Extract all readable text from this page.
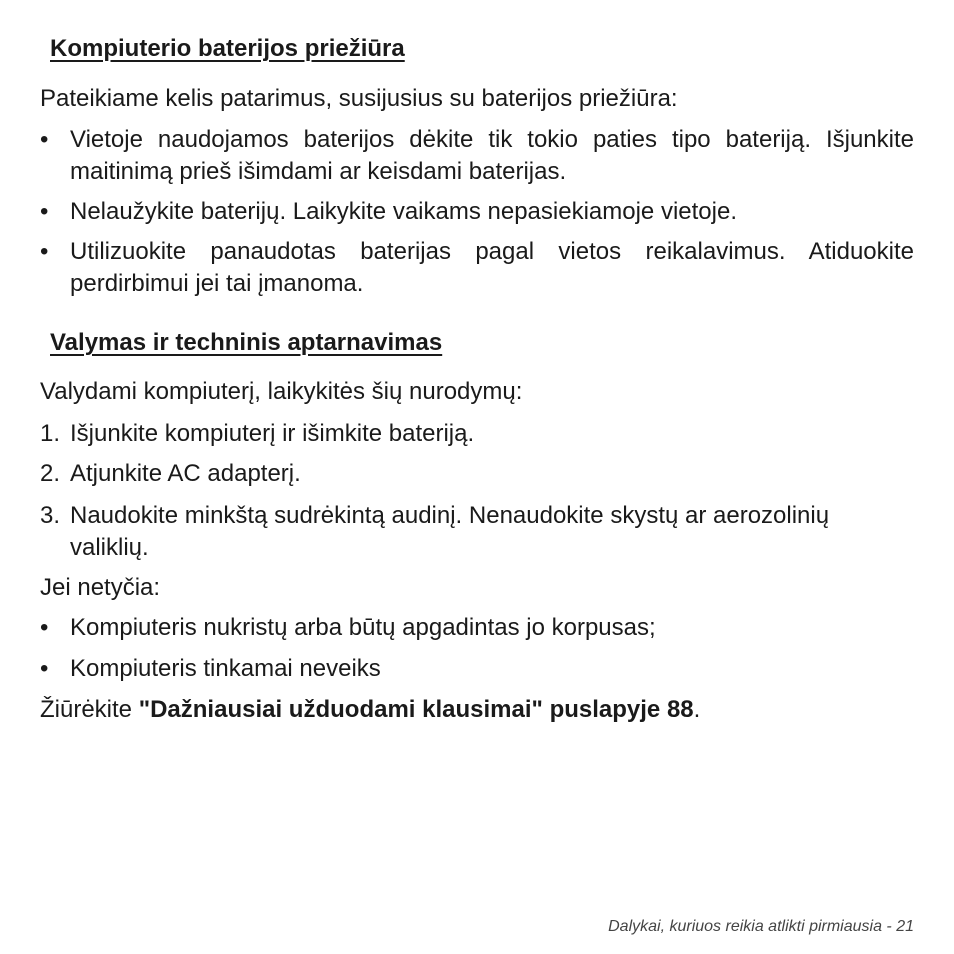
Kompiuterio baterijos priežiūra
Pateikiame kelis patarimus, susijusius su baterijos priežiūra:
• Vietoje naudojamos baterijos dėkite tik tokio paties tipo bateriją. Išjunkite maitinimą prieš išimdami ar keisdami baterijas.
• Nelaužykite baterijų. Laikykite vaikams nepasiekiamoje vietoje.
• Utilizuokite panaudotas baterijas pagal vietos reikalavimus. Atiduokite perdirbimui jei tai įmanoma.
Valymas ir techninis aptarnavimas
Valydami kompiuterį, laikykitės šių nurodymų:
1. Išjunkite kompiuterį ir išimkite bateriją.
2. Atjunkite AC adapterį.
3. Naudokite minkštą sudrėkintą audinį. Nenaudokite skystų ar aerozolinių valiklių.
Jei netyčia:
• Kompiuteris nukristų arba būtų apgadintas jo korpusas;
• Kompiuteris tinkamai neveiks
Žiūrėkite "Dažniausiai užduodami klausimai" puslapyje 88.
Dalykai, kuriuos reikia atlikti pirmiausia - 21
